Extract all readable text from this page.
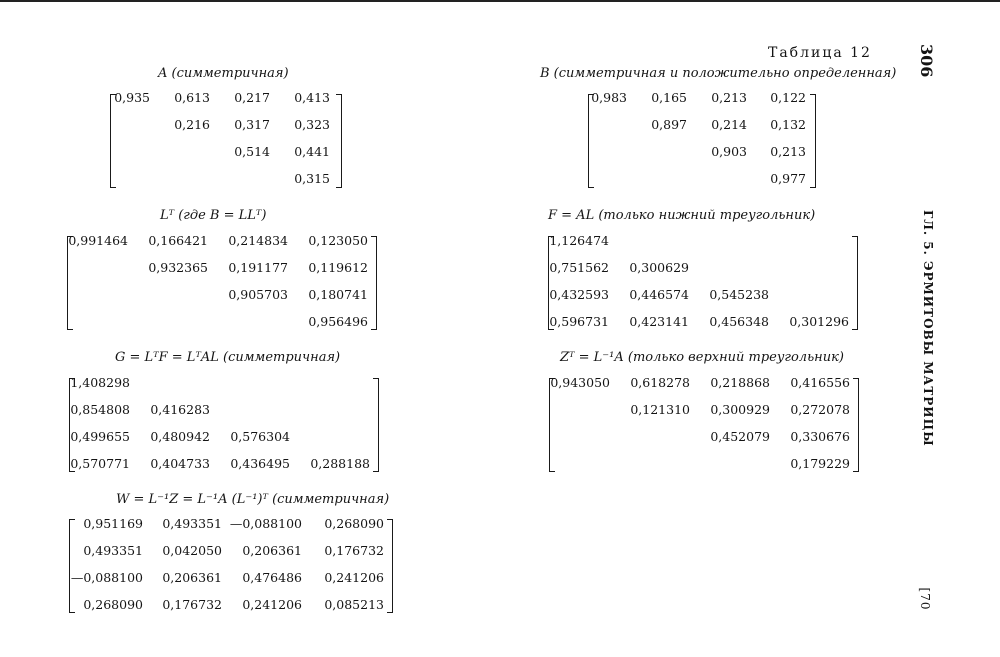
Таблица 12	306
ГЛ. 5. ЭРМИТОВЫ МАТРИЦЫ
[70
A (симметричная)
0,935 0,613 0,217 0,413
0,216 0,317 0,323
0,514 0,441
0,315
B (симметричная и положительно определенная)
0,983 0,165 0,213 0,122
0,897 0,214 0,132
0,903 0,213
0,977
Lᵀ (где B = LLᵀ)
0,991464 0,166421 0,214834 0,123050
0,932365 0,191177 0,119612
0,905703 0,180741
0,956496
F = AL (только нижний треугольник)
1,126474
0,751562 0,300629
0,432593 0,446574 0,545238
0,596731 0,423141 0,456348 0,301296
G = LᵀF = LᵀAL (симметричная)
1,408298
0,854808 0,416283
0,499655 0,480942 0,576304
0,570771 0,404733 0,436495 0,288188
Zᵀ = L⁻¹A (только верхний треугольник)
0,943050 0,618278 0,218868 0,416556
0,121310 0,300929 0,272078
0,452079 0,330676
0,179229
W = L⁻¹Z = L⁻¹A (L⁻¹)ᵀ (симметричная)
0,951169 0,493351 —0,088100 0,268090
0,493351 0,042050 0,206361 0,176732
—0,088100 0,206361 0,476486 0,241206
0,268090 0,176732 0,241206 0,085213
